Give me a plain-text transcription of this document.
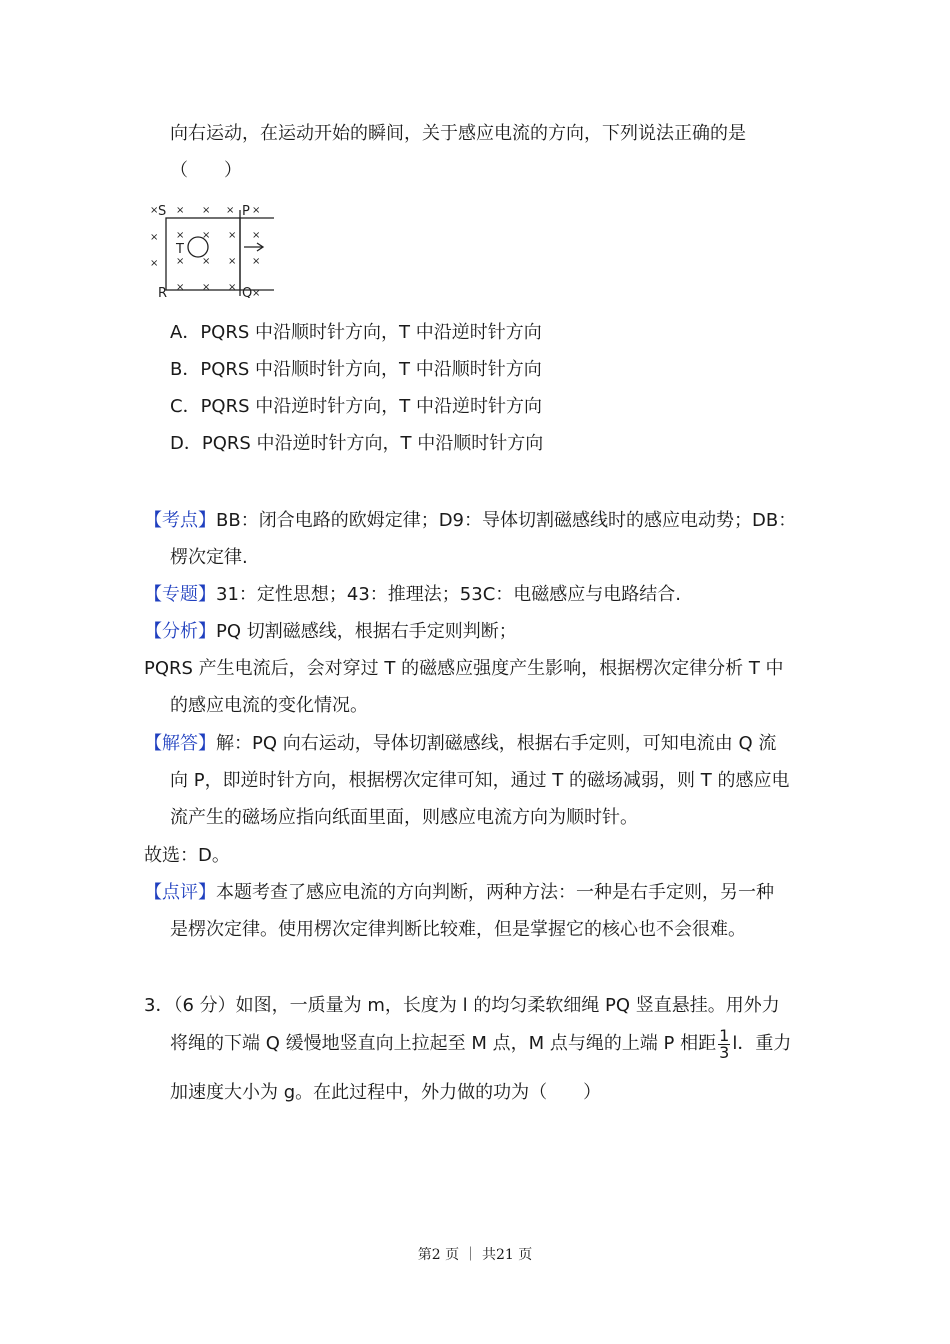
向右运动，在运动开始的瞬间，关于感应电流的方向，下列说法正确的是
（　　）
S	P
T
R	Q
× × × × ×
× × × × ×
× × × × ×
× × ×
×
A．PQRS 中沿顺时针方向，T 中沿逆时针方向
B．PQRS 中沿顺时针方向，T 中沿顺时针方向
C．PQRS 中沿逆时针方向，T 中沿逆时针方向
D．PQRS 中沿逆时针方向，T 中沿顺时针方向
【考点】BB：闭合电路的欧姆定律；D9：导体切割磁感线时的感应电动势；DB：
楞次定律.
【专题】31：定性思想；43：推理法；53C：电磁感应与电路结合.
【分析】PQ 切割磁感线，根据右手定则判断；
PQRS 产生电流后，会对穿过 T 的磁感应强度产生影响，根据楞次定律分析 T 中
的感应电流的变化情况。
【解答】解：PQ 向右运动，导体切割磁感线，根据右手定则，可知电流由 Q 流
向 P，即逆时针方向，根据楞次定律可知，通过 T 的磁场减弱，则 T 的感应电
流产生的磁场应指向纸面里面，则感应电流方向为顺时针。
故选：D。
【点评】本题考查了感应电流的方向判断，两种方法：一种是右手定则，另一种
是楞次定律。使用楞次定律判断比较难，但是掌握它的核心也不会很难。
3．（6 分）如图，一质量为 m，长度为 l 的均匀柔软细绳 PQ 竖直悬挂。用外力
将绳的下端 Q 缓慢地竖直向上拉起至 M 点，M 点与绳的上端 P 相距 $\frac{1}{3}$ l．重力
加速度大小为 g。在此过程中，外力做的功为（　　）
第2 页 ｜ 共21 页
